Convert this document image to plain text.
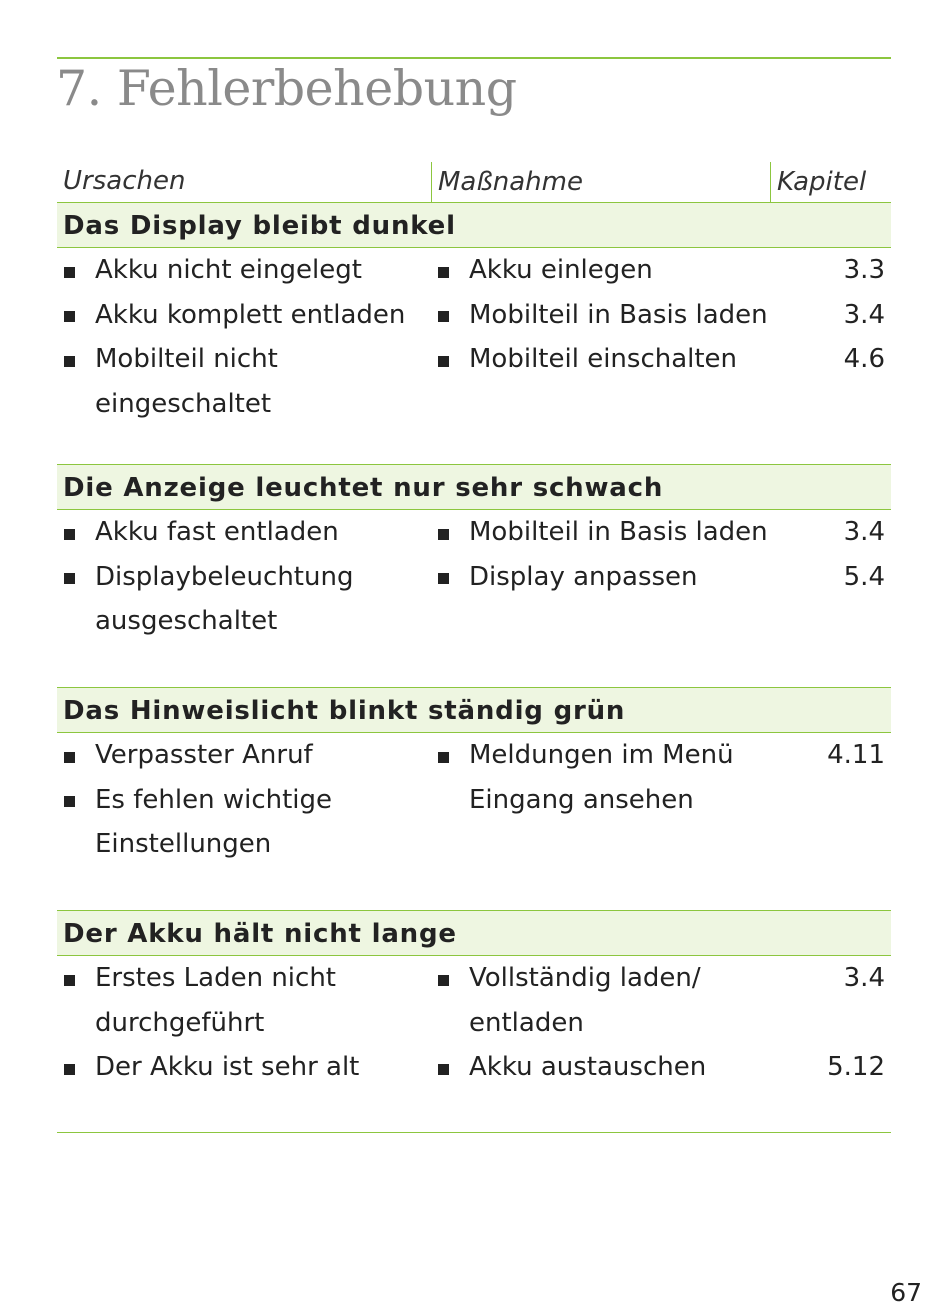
7. Fehlerbehebung
Ursachen	Maßnahme	Kapitel
Das Display bleibt dunkel
Akku nicht eingelegt
Akku komplett entladen
Mobilteil nicht
eingeschaltet
Akku einlegen
Mobilteil in Basis laden
Mobilteil einschalten
3.3
3.4
4.6
Die Anzeige leuchtet nur sehr schwach
Akku fast entladen
Displaybeleuchtung
ausgeschaltet
Mobilteil in Basis laden
Display anpassen
3.4
5.4
Das Hinweislicht blinkt ständig grün
Verpasster Anruf
Es fehlen wichtige
Einstellungen
Meldungen im Menü
Eingang ansehen
4.11
Der Akku hält nicht lange
Erstes Laden nicht
durchgeführt
Der Akku ist sehr alt
Vollständig laden/
entladen
Akku austauschen
3.4
5.12
67
